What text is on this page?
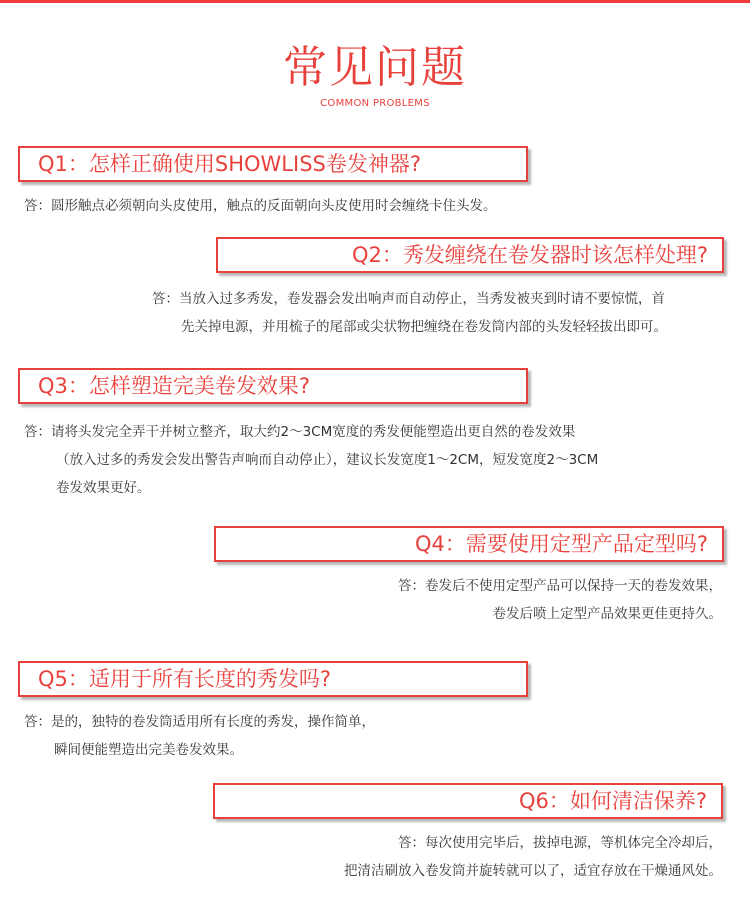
常见问题
COMMON PROBLEMS
Q1：怎样正确使用SHOWLISS卷发神器?
答：圆形触点必须朝向头皮使用，触点的反面朝向头皮使用时会缠绕卡住头发。
Q2：秀发缠绕在卷发器时该怎样处理?
答：当放入过多秀发，卷发器会发出响声而自动停止，当秀发被夹到时请不要惊慌，首
先关掉电源，并用梳子的尾部或尖状物把缠绕在卷发筒内部的头发轻轻拔出即可。
Q3：怎样塑造完美卷发效果?
答：请将头发完全弄干并树立整齐，取大约2～3CM宽度的秀发便能塑造出更自然的卷发效果
（放入过多的秀发会发出警告声响而自动停止），建议长发宽度1～2CM，短发宽度2～3CM
卷发效果更好。
Q4：需要使用定型产品定型吗?
答：卷发后不使用定型产品可以保持一天的卷发效果，
卷发后喷上定型产品效果更佳更持久。
Q5：适用于所有长度的秀发吗?
答：是的，独特的卷发筒适用所有长度的秀发，操作简单，
瞬间便能塑造出完美卷发效果。
Q6：如何清洁保养?
答：每次使用完毕后，拔掉电源，等机体完全冷却后，
把清洁刷放入卷发筒并旋转就可以了，适宜存放在干燥通风处。
